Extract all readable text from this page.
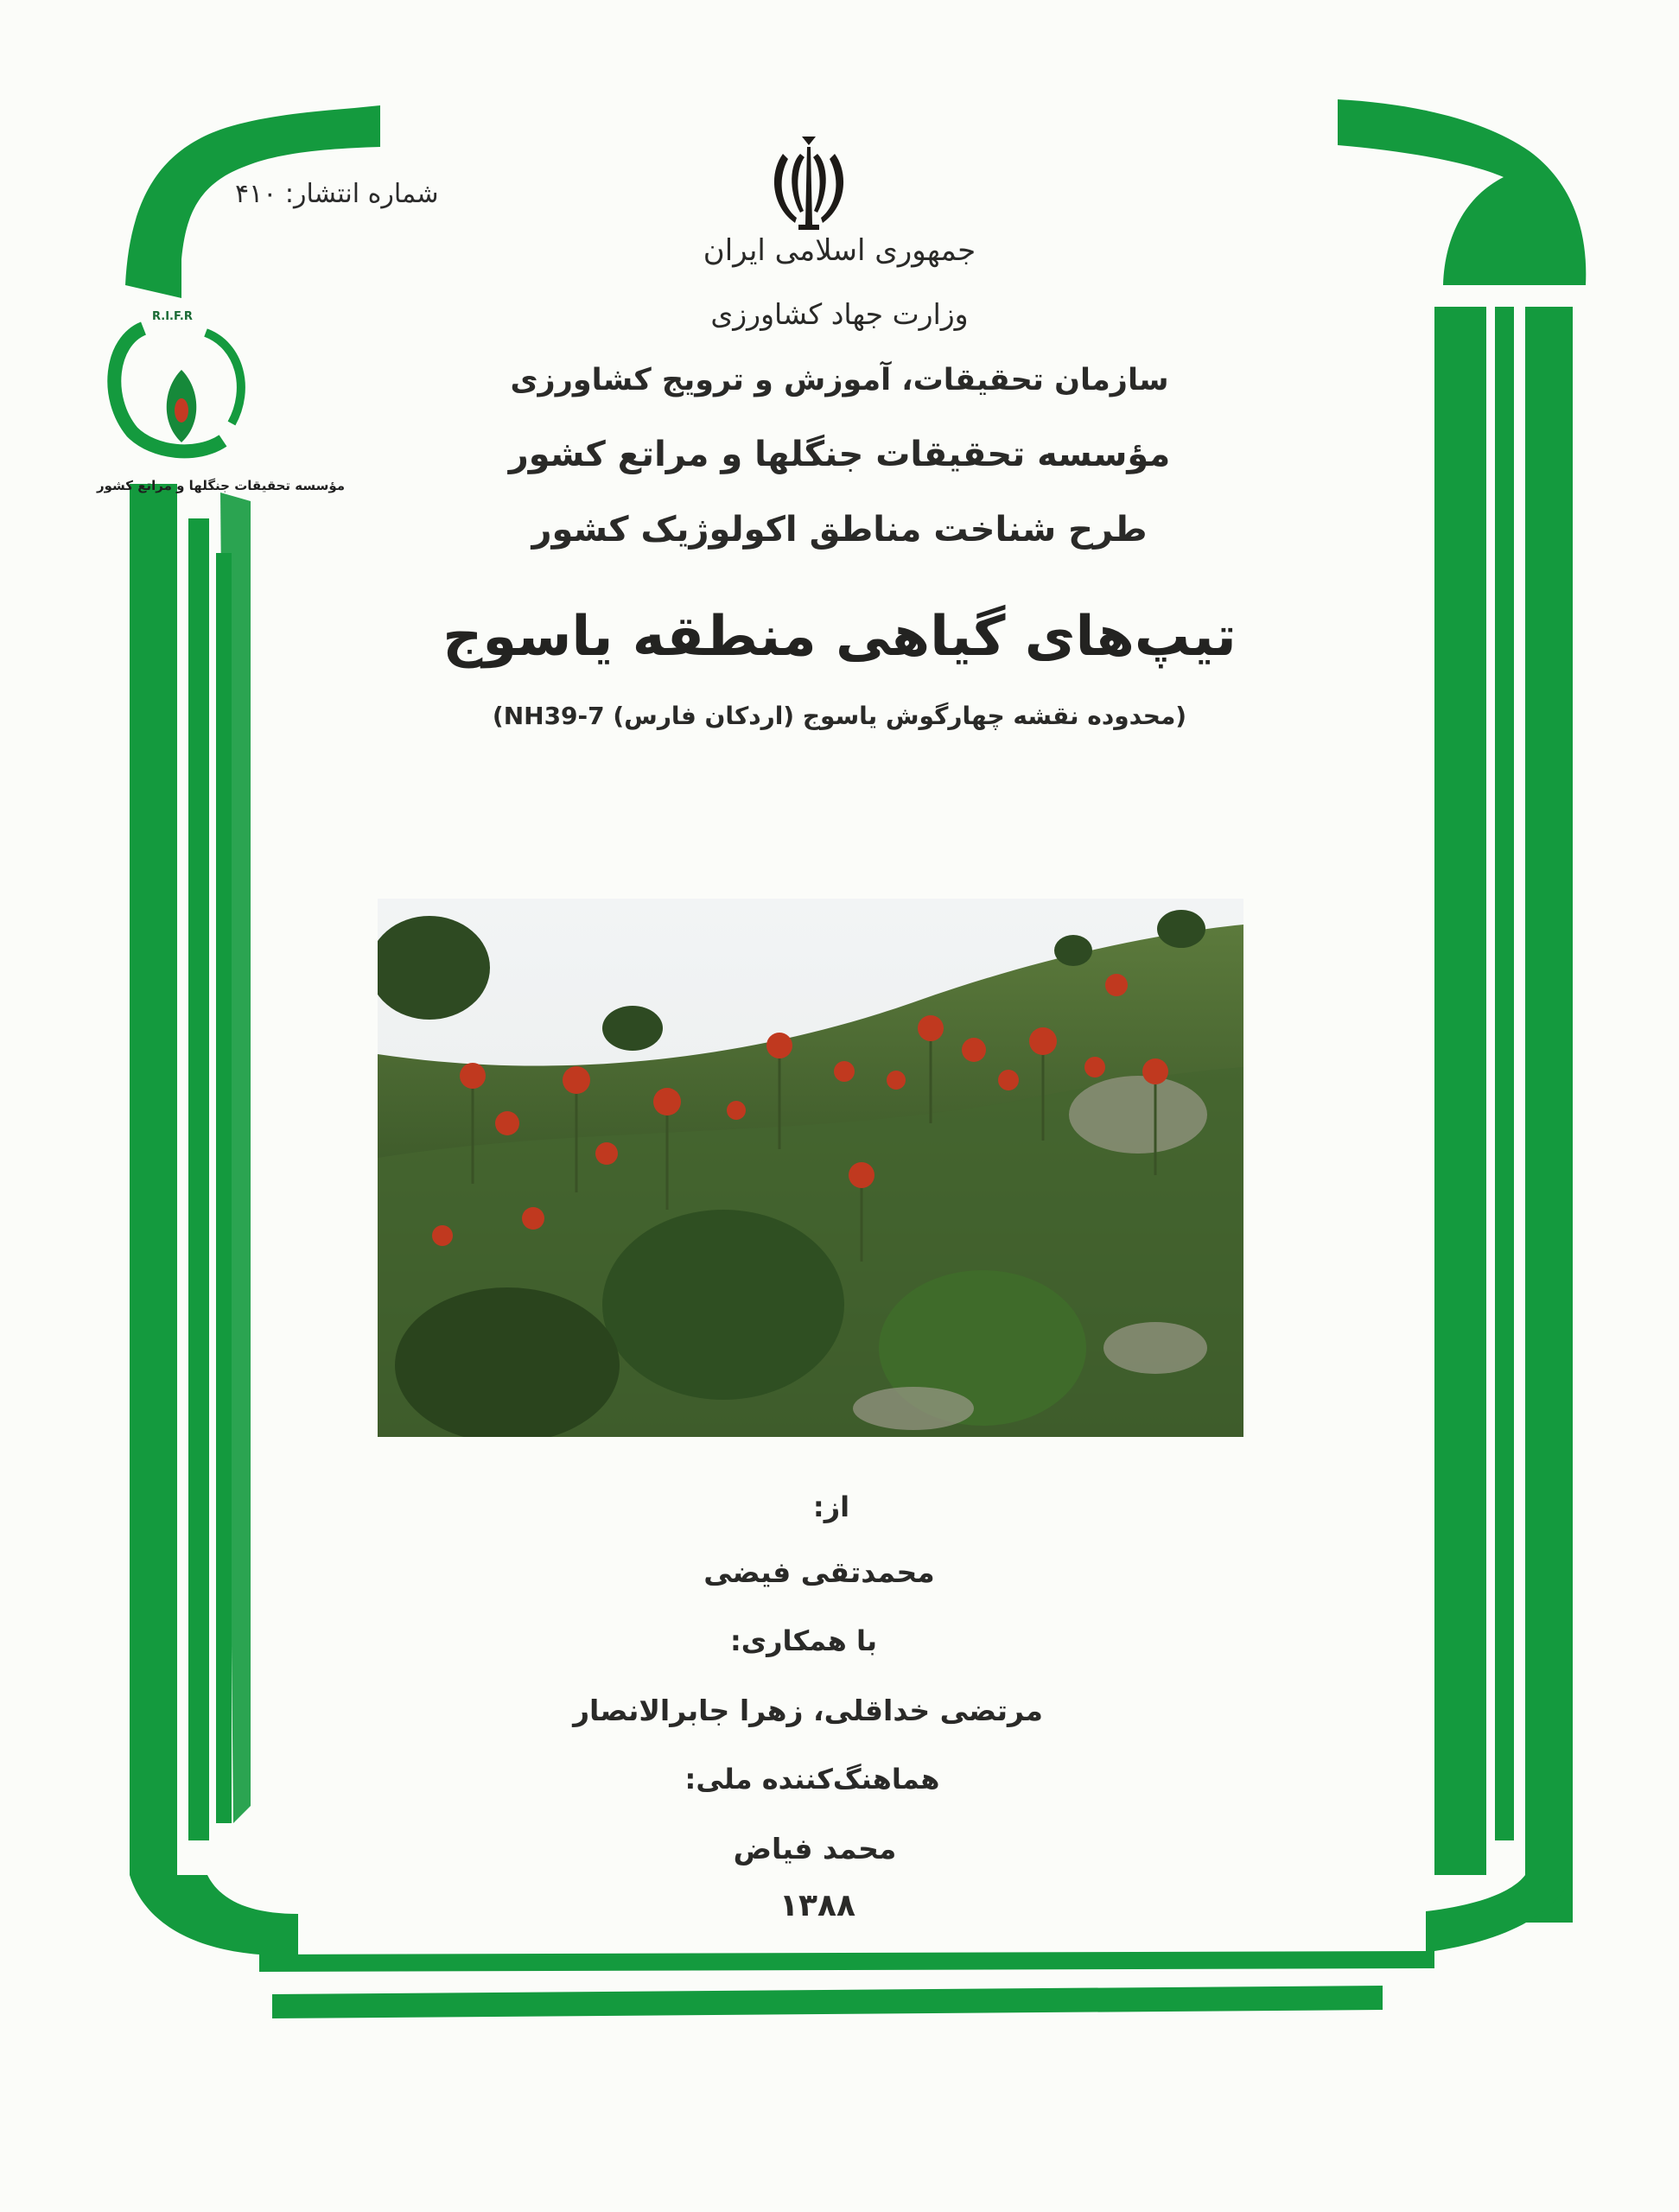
شماره انتشار: ۴۱۰
جمهوری اسلامی ایران
وزارت جهاد کشاورزی
سازمان تحقیقات، آموزش و ترویج کشاورزی
مؤسسه تحقیقات جنگلها و مراتع کشور
طرح شناخت مناطق اکولوژیک کشور
R.I.F.R
مؤسسه تحقیقات جنگلها و مراتع کشور
تیپ‌های گیاهی منطقه یاسوج
(محدوده نقشه چهارگوش یاسوج (اردکان فارس) NH39-7)
از:
محمدتقی فیضی
با همکاری:
مرتضی خداقلی، زهرا جابرالانصار
هماهنگ‌کننده ملی:
محمد فیاض
۱۳۸۸
